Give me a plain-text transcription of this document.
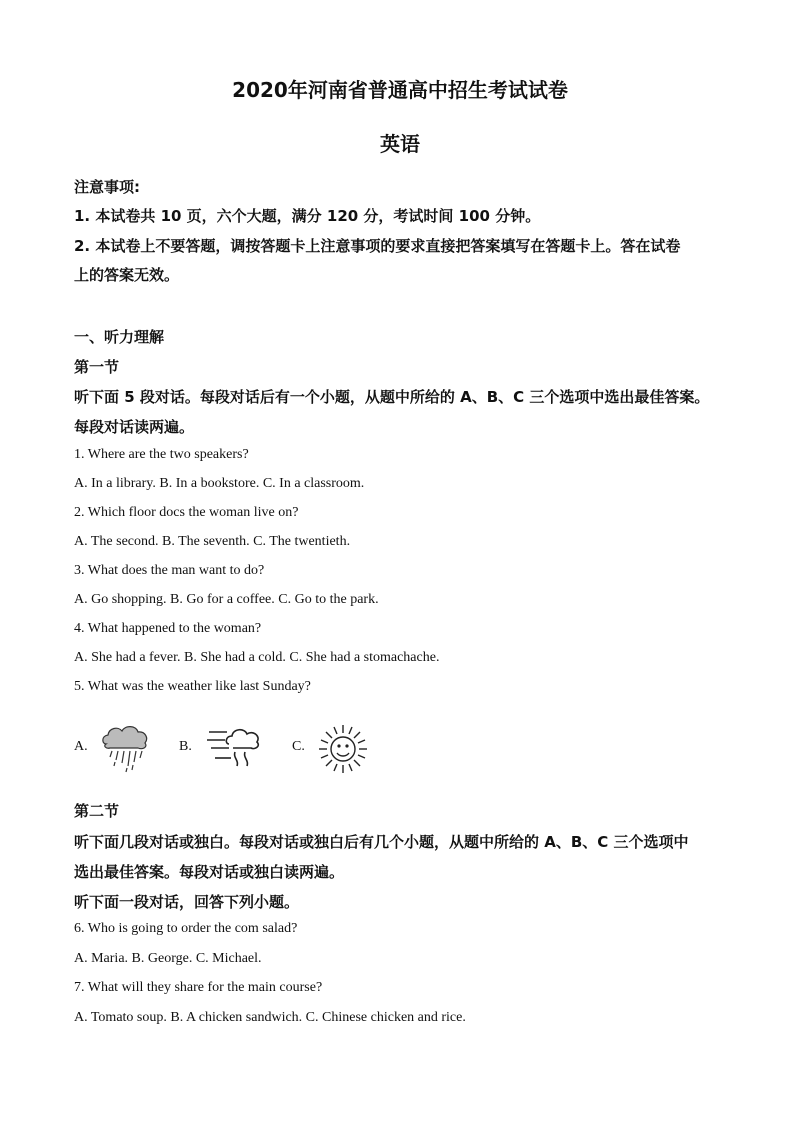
2020年河南省普通高中招生考试试卷
英语
注意事项:
1. 本试卷共 10 页，六个大题，满分 120 分，考试时间 100 分钟。
2. 本试卷上不要答题，调按答题卡上注意事项的要求直接把答案填写在答题卡上。答在试卷
上的答案无效。
一、听力理解
第一节
听下面 5 段对话。每段对话后有一个小题，从题中所给的 A、B、C 三个选项中选出最佳答案。
每段对话读两遍。
1. Where are the two speakers?
A. In a library. B. In a bookstore. C. In a classroom.
2. Which floor docs the woman live on?
A. The second. B. The seventh. C. The twentieth.
3. What does the man want to do?
A. Go shopping. B. Go for a coffee. C. Go to the park.
4. What happened to the woman?
A. She had a fever. B. She had a cold. C. She had a stomachache.
5. What was the weather like last Sunday?
A.	B.	C.
第二节
听下面几段对话或独白。每段对话或独白后有几个小题，从题中所给的 A、B、C 三个选项中
选出最佳答案。每段对话或独白读两遍。
听下面一段对话，回答下列小题。
6. Who is going to order the com salad?
A. Maria. B. George. C. Michael.
7. What will they share for the main course?
A. Tomato soup. B. A chicken sandwich. C. Chinese chicken and rice.
